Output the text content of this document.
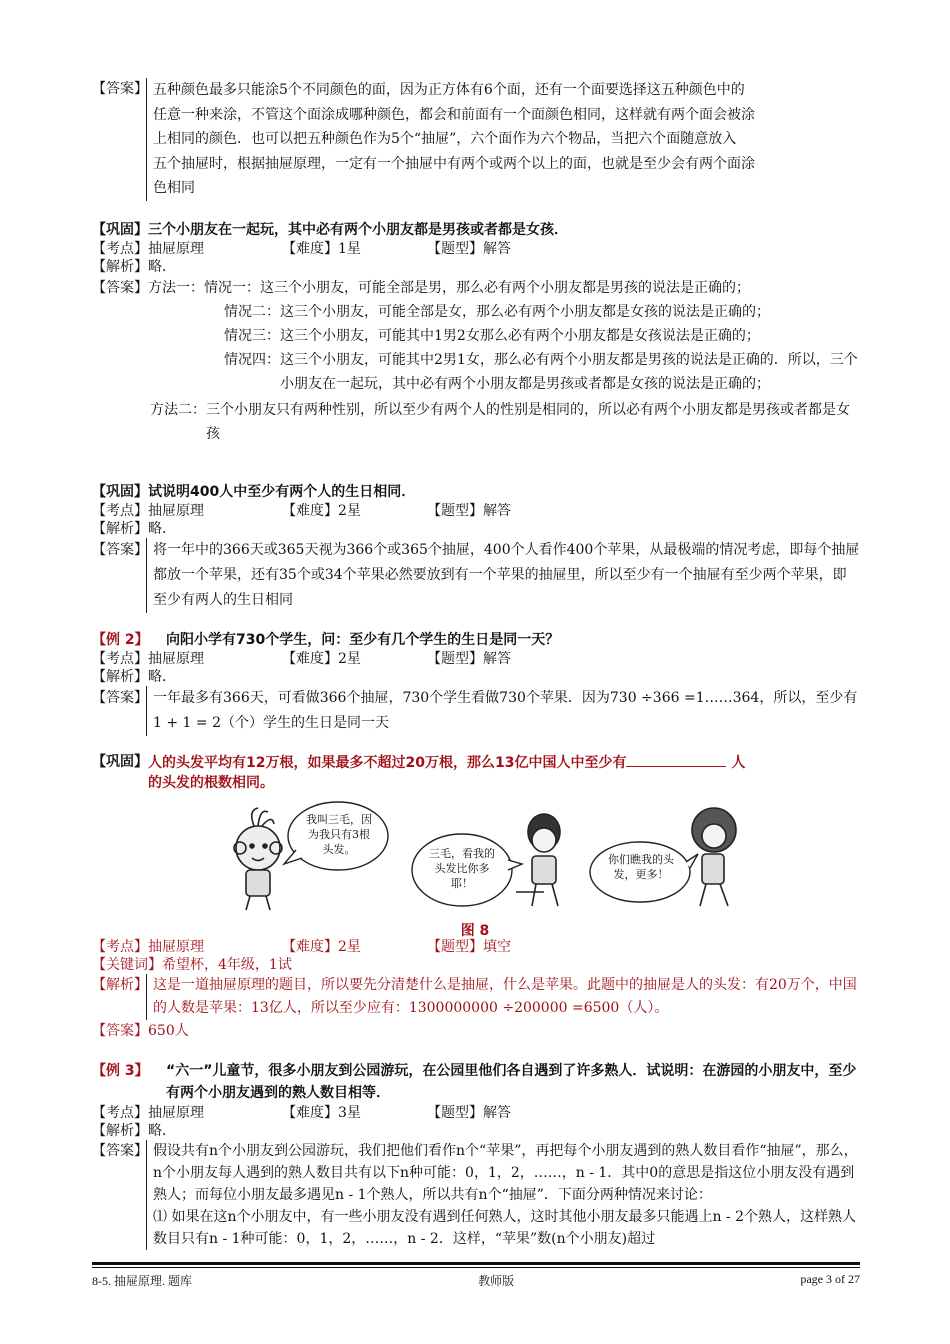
【答案】 五种颜色最多只能涂5个不同颜色的面，因为正方体有6个面，还有一个面要选择这五种颜色中的
任意一种来涂，不管这个面涂成哪种颜色，都会和前面有一个面颜色相同，这样就有两个面会被涂
上相同的颜色．也可以把五种颜色作为5个“抽屉”，六个面作为六个物品，当把六个面随意放入
五个抽屉时，根据抽屉原理，一定有一个抽屉中有两个或两个以上的面，也就是至少会有两个面涂
色相同
【巩固】 三个小朋友在一起玩，其中必有两个小朋友都是男孩或者都是女孩．
【考点】抽屉原理	【难度】1星	【题型】解答
【解析】略．
【答案】 方法一： 情况一： 这三个小朋友，可能全部是男，那么必有两个小朋友都是男孩的说法是正确的；
情况二： 这三个小朋友，可能全部是女，那么必有两个小朋友都是女孩的说法是正确的；
情况三： 这三个小朋友，可能其中1男2女那么必有两个小朋友都是女孩说法是正确的；
情况四： 这三个小朋友，可能其中2男1女，那么必有两个小朋友都是男孩的说法是正确的．所以，三个小朋友在一起玩，其中必有两个小朋友都是男孩或者都是女孩的说法是正确的；
方法二： 三个小朋友只有两种性别，所以至少有两个人的性别是相同的，所以必有两个小朋友都是男孩或者都是女孩
【巩固】 试说明400人中至少有两个人的生日相同．
【考点】抽屉原理	【难度】2星	【题型】解答
【解析】略．
【答案】 将一年中的366天或365天视为366个或365个抽屉，400个人看作400个苹果，从最极端的情况考虑，即每个抽屉都放一个苹果，还有35个或34个苹果必然要放到有一个苹果的抽屉里，所以至少有一个抽屉有至少两个苹果，即至少有两人的生日相同
【例 2】	向阳小学有730个学生，问：至少有几个学生的生日是同一天？
【考点】抽屉原理	【难度】2星	【题型】解答
【解析】略．
【答案】 一年最多有366天，可看做366个抽屉，730个学生看做730个苹果．因为730 ÷366 =1……364，所以，至少有1 + 1 = 2（个）学生的生日是同一天
【巩固】 人的头发平均有12万根，如果最多不超过20万根，那么13亿中国人中至少有	人
的头发的根数相同。
我叫三毛，因为我只有3根头发。	三毛，看我的头发比你多耶！
你们瞧我的头发，更多！
图 8
【考点】抽屉原理	【难度】2星	【题型】填空
【关键词】希望杯，4年级，1试
【解析】 这是一道抽屉原理的题目，所以要先分清楚什么是抽屉，什么是苹果。此题中的抽屉是人的头发：有20万个，中国的人数是苹果：13亿人，所以至少应有：1300000000 ÷200000 =6500（人）。
【答案】650人
【例 3】	“六一”儿童节，很多小朋友到公园游玩，在公园里他们各自遇到了许多熟人．试说明：在游园的小朋友中，至少有两个小朋友遇到的熟人数目相等．
【考点】抽屉原理	【难度】3星	【题型】解答
【解析】略．
【答案】 假设共有n个小朋友到公园游玩，我们把他们看作n个“苹果”，再把每个小朋友遇到的熟人数目看作“抽屉”，那么，n个小朋友每人遇到的熟人数目共有以下n种可能：0，1，2，……，n - 1．其中0的意思是指这位小朋友没有遇到熟人；而每位小朋友最多遇见n - 1个熟人，所以共有n个“抽屉”．下面分两种情况来讨论：
⑴ 如果在这n个小朋友中，有一些小朋友没有遇到任何熟人，这时其他小朋友最多只能遇上n - 2个熟人，这样熟人数目只有n - 1种可能：0，1，2，……，n - 2．这样，“苹果”数(n个小朋友)超过
8-5. 抽屉原理. 题库	教师版	page 3 of 27
